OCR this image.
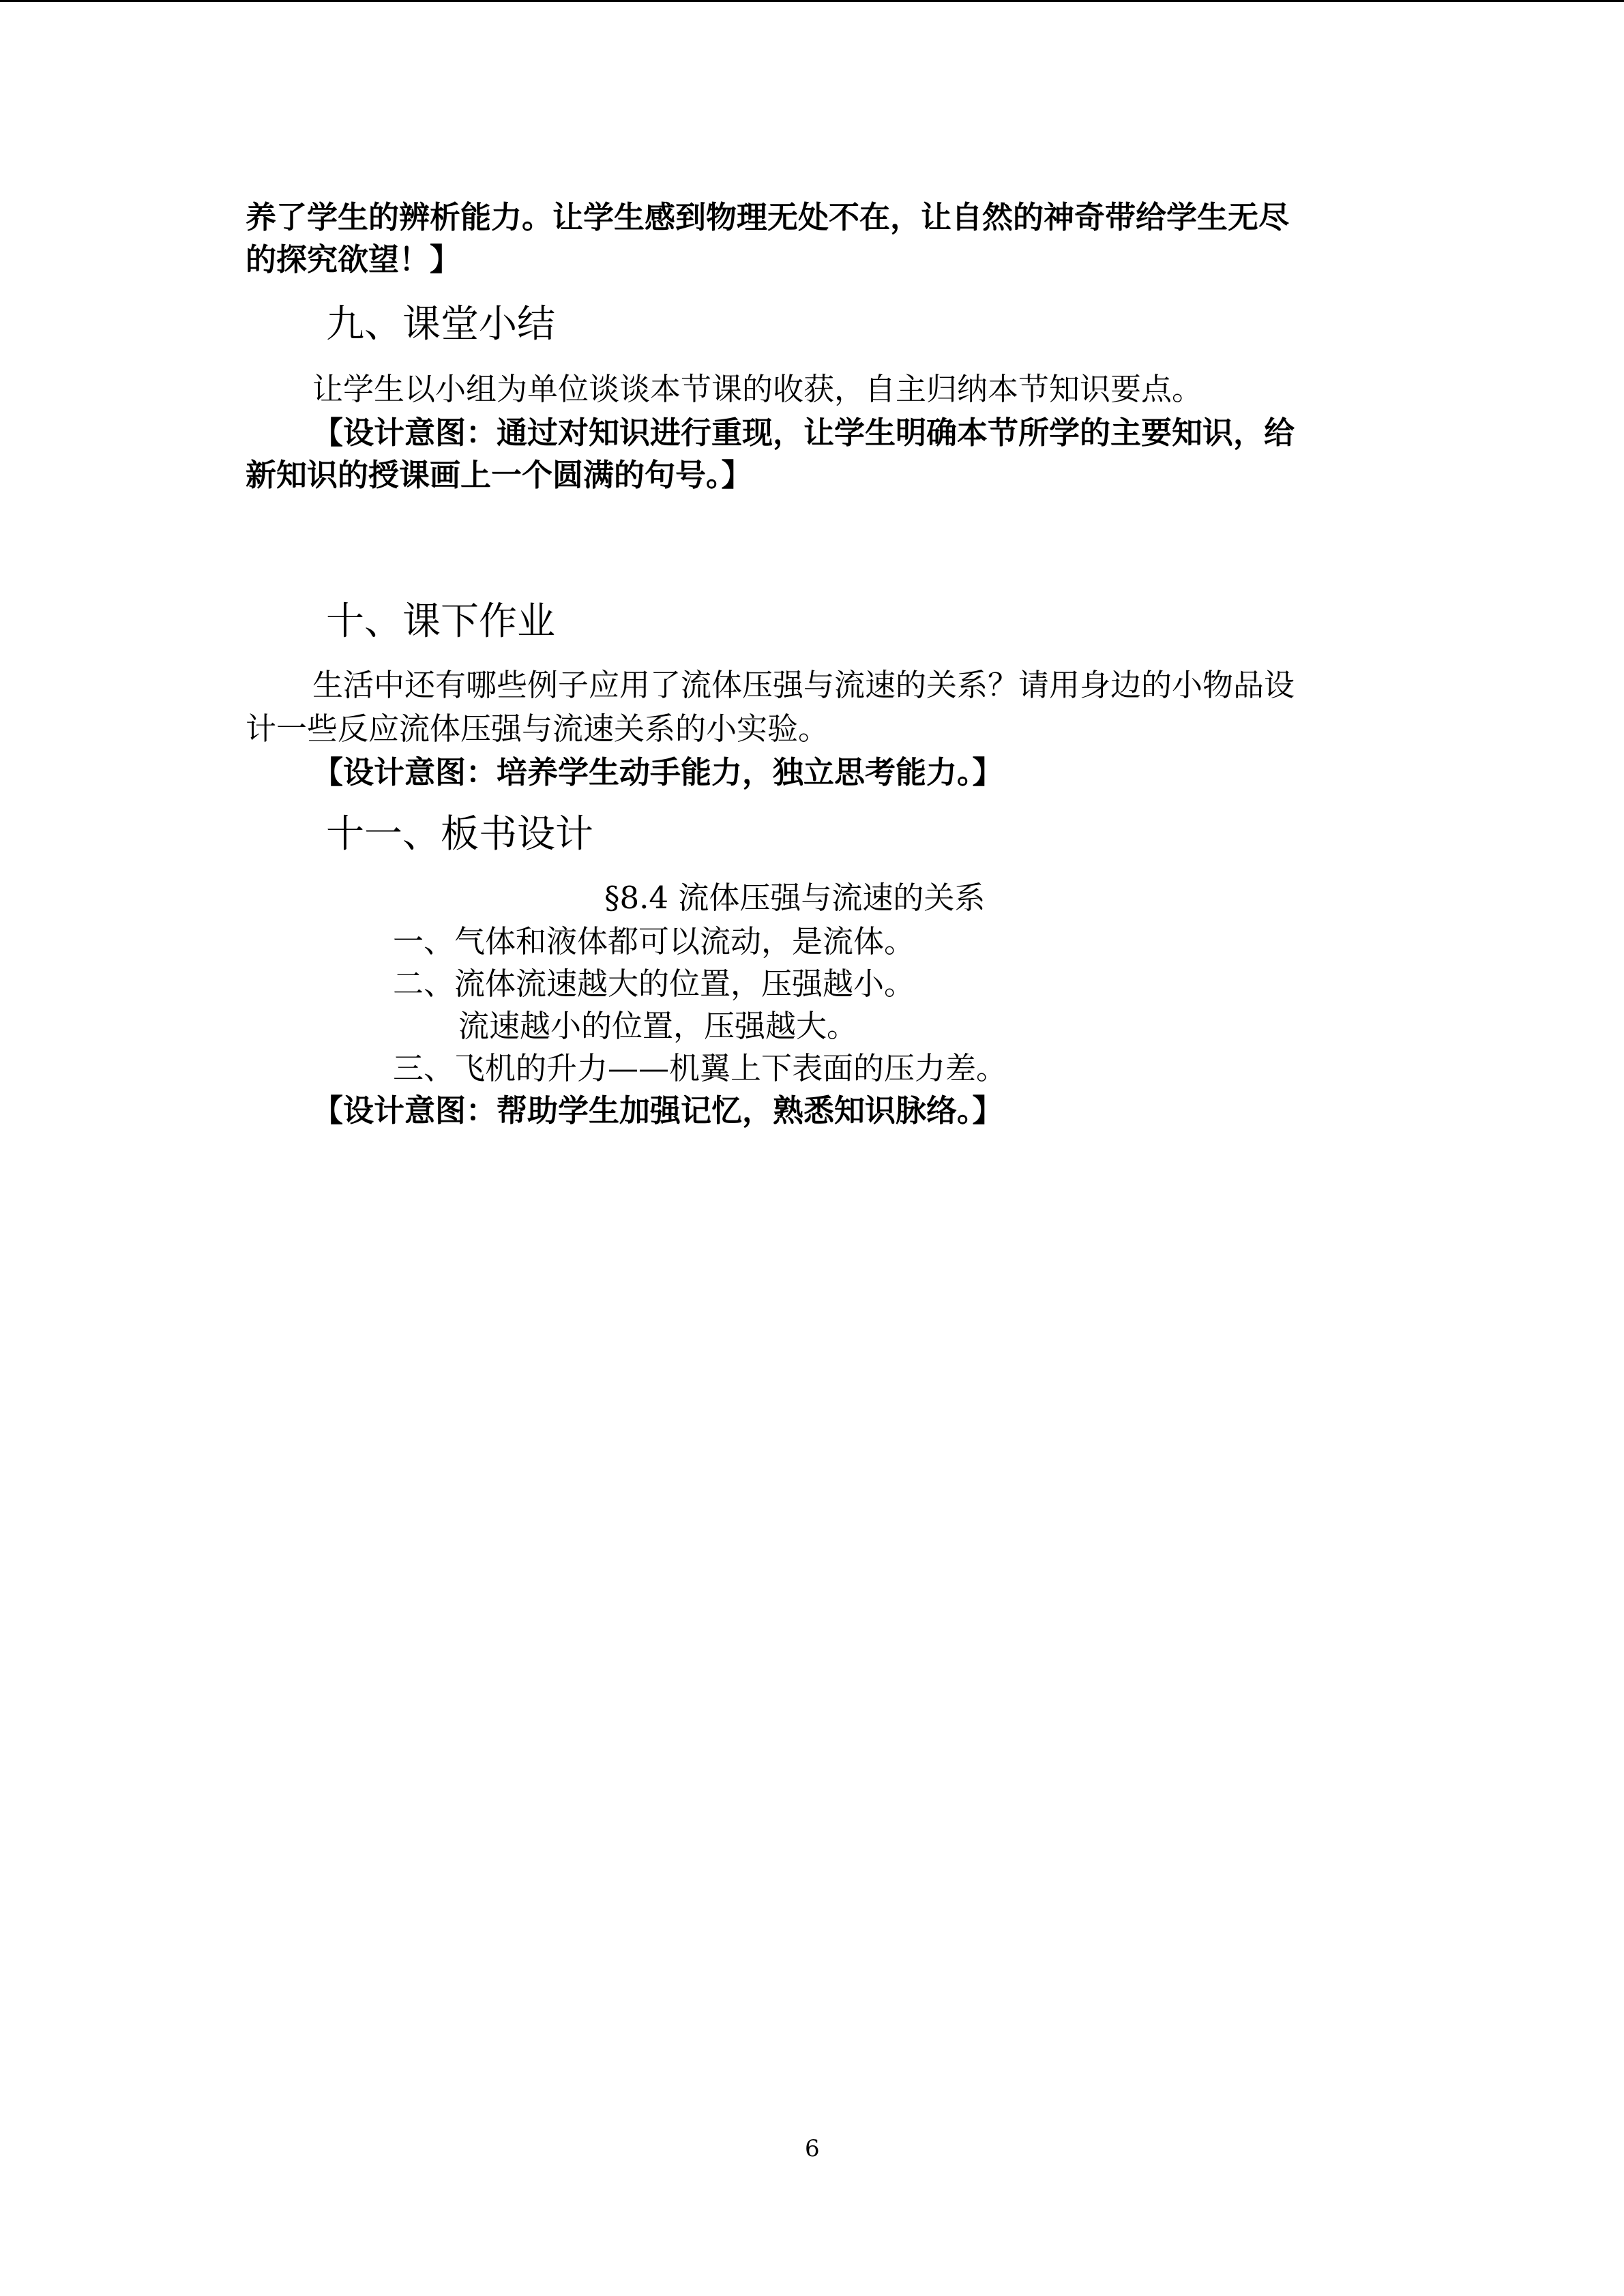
养了学生的辨析能力。让学生感到物理无处不在，让自然的神奇带给学生无尽
的探究欲望！】
九、课堂小结
让学生以小组为单位谈谈本节课的收获，自主归纳本节知识要点。
【设计意图：通过对知识进行重现，让学生明确本节所学的主要知识，给
新知识的授课画上一个圆满的句号。】
十、课下作业
生活中还有哪些例子应用了流体压强与流速的关系？请用身边的小物品设
计一些反应流体压强与流速关系的小实验。
【设计意图：培养学生动手能力，独立思考能力。】
十一、板书设计
§8.4 流体压强与流速的关系
一、气体和液体都可以流动，是流体。
二、流体流速越大的位置，压强越小。
流速越小的位置，压强越大。
三、飞机的升力——机翼上下表面的压力差。
【设计意图：帮助学生加强记忆，熟悉知识脉络。】
6
